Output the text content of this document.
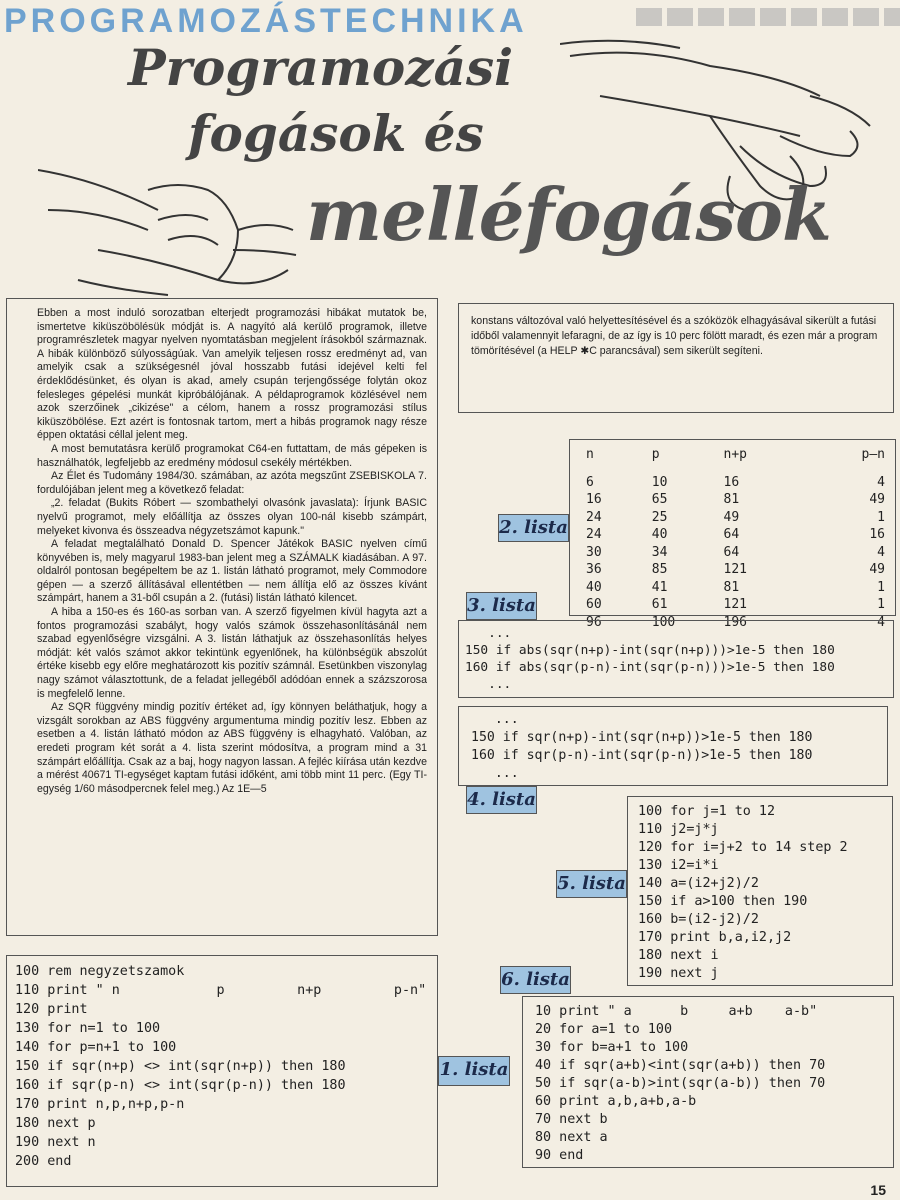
PROGRAMOZÁSTECHNIKA
Programozási
fogások és
melléfogások

Ebben a most induló sorozatban elterjedt programozási hibákat mutatok be, ismertetve kiküszöbölésük módját is. A nagyító alá kerülő programok, illetve programrészletek magyar nyelven nyomtatásban megjelent írásokból származnak. A hibák különböző súlyosságúak. Van amelyik teljesen rossz eredményt ad, van amelyik csak a szükségesnél jóval hosszabb futási idejével kelti fel érdeklődésünket, és olyan is akad, amely csupán terjengőssége folytán okoz felesleges gépelési munkát kipróbálójának. A példaprogramok közlésével nem azok szerzőinek „cikizése" a célom, hanem a rossz programozási stílus kiküszöbölése. Ezt azért is fontosnak tartom, mert a hibás programok nagy része éppen oktatási céllal jelent meg.

A most bemutatásra kerülő programokat C64-en futtattam, de más gépeken is használhatók, legfeljebb az eredmény módosul csekély mértékben.

Az Élet és Tudomány 1984/30. számában, az azóta megszűnt ZSEBISKOLA 7. fordulójában jelent meg a következő feladat:

„2. feladat (Bukits Róbert — szombathelyi olvasónk javaslata): Írjunk BASIC nyelvű programot, mely előállítja az összes olyan 100-nál kisebb számpárt, melyeket kivonva és összeadva négyzetszámot kapunk."

A feladat megtalálható Donald D. Spencer Játékok BASIC nyelven című könyvében is, mely magyarul 1983-ban jelent meg a SZÁMALK kiadásában. A 97. oldalról pontosan begépeltem be az 1. listán látható programot, mely Commodore gépen — a szerző állításával ellentétben — nem állítja elő az összes kívánt számpárt, hanem a 31-ből csupán a 2. (futási) listán látható kilencet.

A hiba a 150-es és 160-as sorban van. A szerző figyelmen kívül hagyta azt a fontos programozási szabályt, hogy valós számok összehasonlításánál nem szabad egyenlőségre vizsgálni. A 3. listán láthatjuk az összehasonlítás helyes módját: két valós számot akkor tekintünk egyenlőnek, ha különbségük abszolút értéke kisebb egy előre meghatározott kis pozitív számnál. Esetünkben viszonylag nagy számot választottunk, de a feladat jellegéből adódóan ennek a százszorosa is megfelelő lenne.

Az SQR függvény mindig pozitív értéket ad, így könnyen beláthatjuk, hogy a vizsgált sorokban az ABS függvény argumentuma mindig pozitív lesz. Ebben az esetben a 4. listán látható módon az ABS függvény is elhagyható. Valóban, az eredeti program két sorát a 4. lista szerint módosítva, a program mind a 31 számpárt előállítja. Csak az a baj, hogy nagyon lassan. A fejléc kiírása után kezdve a mérést 40671 TI-egységet kaptam futási időként, ami több mint 11 perc. (Egy TI-egység 1/60 másodpercnek felel meg.) Az 1E—5

konstans változóval való helyettesítésével és a szóközök elhagyásával sikerült a futási időből valamennyit lefaragni, de az így is 10 perc fölött maradt, és ezen már a program tömörítésével (a HELP ✱C parancsával) sem sikerült segíteni.
n	p	n+p	p–n

6	10	16	4
16	65	81	49
24	25	49	1
24	40	64	16
30	34	64	4
36	85	121	49
40	41	81	1
60	61	121	1
96	100	196	4
2. lista
3. lista
...
150 if abs(sqr(n+p)-int(sqr(n+p)))>1e-5 then 180
160 if abs(sqr(p-n)-int(sqr(p-n)))>1e-5 then 180
...
...
150 if sqr(n+p)-int(sqr(n+p))>1e-5 then 180
160 if sqr(p-n)-int(sqr(p-n))>1e-5 then 180
...
4. lista
100 for j=1 to 12
110 j2=j*j
120 for i=j+2 to 14 step 2
130 i2=i*i
140 a=(i2+j2)/2
150 if a>100 then 190
160 b=(i2-j2)/2
170 print b,a,i2,j2
180 next i
190 next j
5. lista
6. lista
10 print " a      b     a+b    a-b"
20 for a=1 to 100
30 for b=a+1 to 100
40 if sqr(a+b)<int(sqr(a+b)) then 70
50 if sqr(a-b)>int(sqr(a-b)) then 70
60 print a,b,a+b,a-b
70 next b
80 next a
90 end
100 rem negyzetszamok
110 print " n            p         n+p         p-n"
120 print
130 for n=1 to 100
140 for p=n+1 to 100
150 if sqr(n+p) <> int(sqr(n+p)) then 180
160 if sqr(p-n) <> int(sqr(p-n)) then 180
170 print n,p,n+p,p-n
180 next p
190 next n
200 end
1. lista
15
